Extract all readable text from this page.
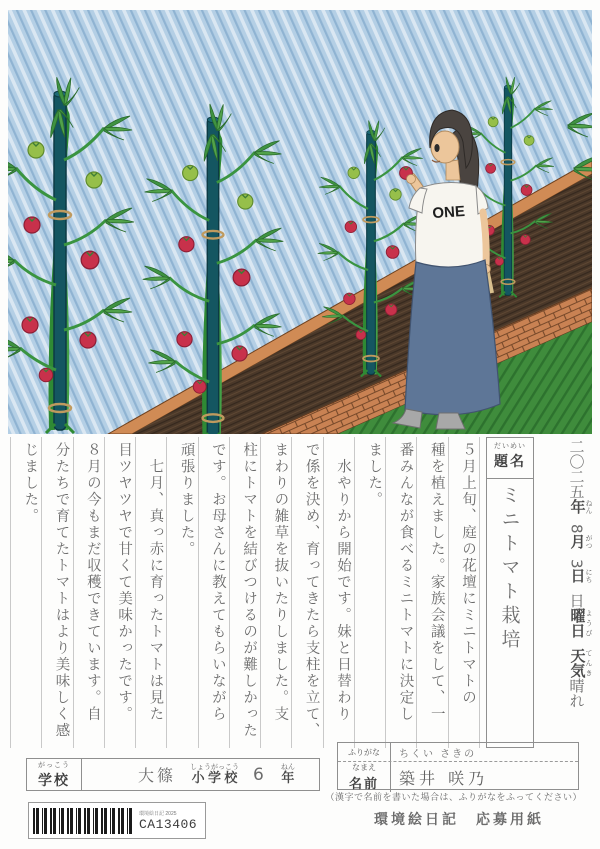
ONE
５月上旬、庭の花壇にミニトマトの
種を植えました。家族会議をして、一
番みんなが食べるミニトマトに決定し
ました。
　水やりから開始です。妹と日替わり
で係を決め、育ってきたら支柱を立て、
まわりの雑草を抜いたりしました。支
柱にトマトを結びつけるのが難しかった
です。お母さんに教えてもらいながら
頑張りました。
　七月、真っ赤に育ったトマトは見た
目ツヤツヤで甘くて美味かったです。
８月の今もまだ収穫できています。自
分たちで育てたトマトはより美味しく感
じました。	だいめい
題名
ミニトマト栽培
二〇二五年 ねん8月 がつ3日 にち日曜日 ようび天気 てんき晴れ
がっこう
学校	大篠 小学校しょうがっこう 6 年ねん
ふりがな ちくい さきの
なまえ
名前 築井 咲乃
（漢字で名前を書いた場合は、ふりがなをふってください）
環境絵日記　応募用紙
環境絵日記 2025
CA13406
